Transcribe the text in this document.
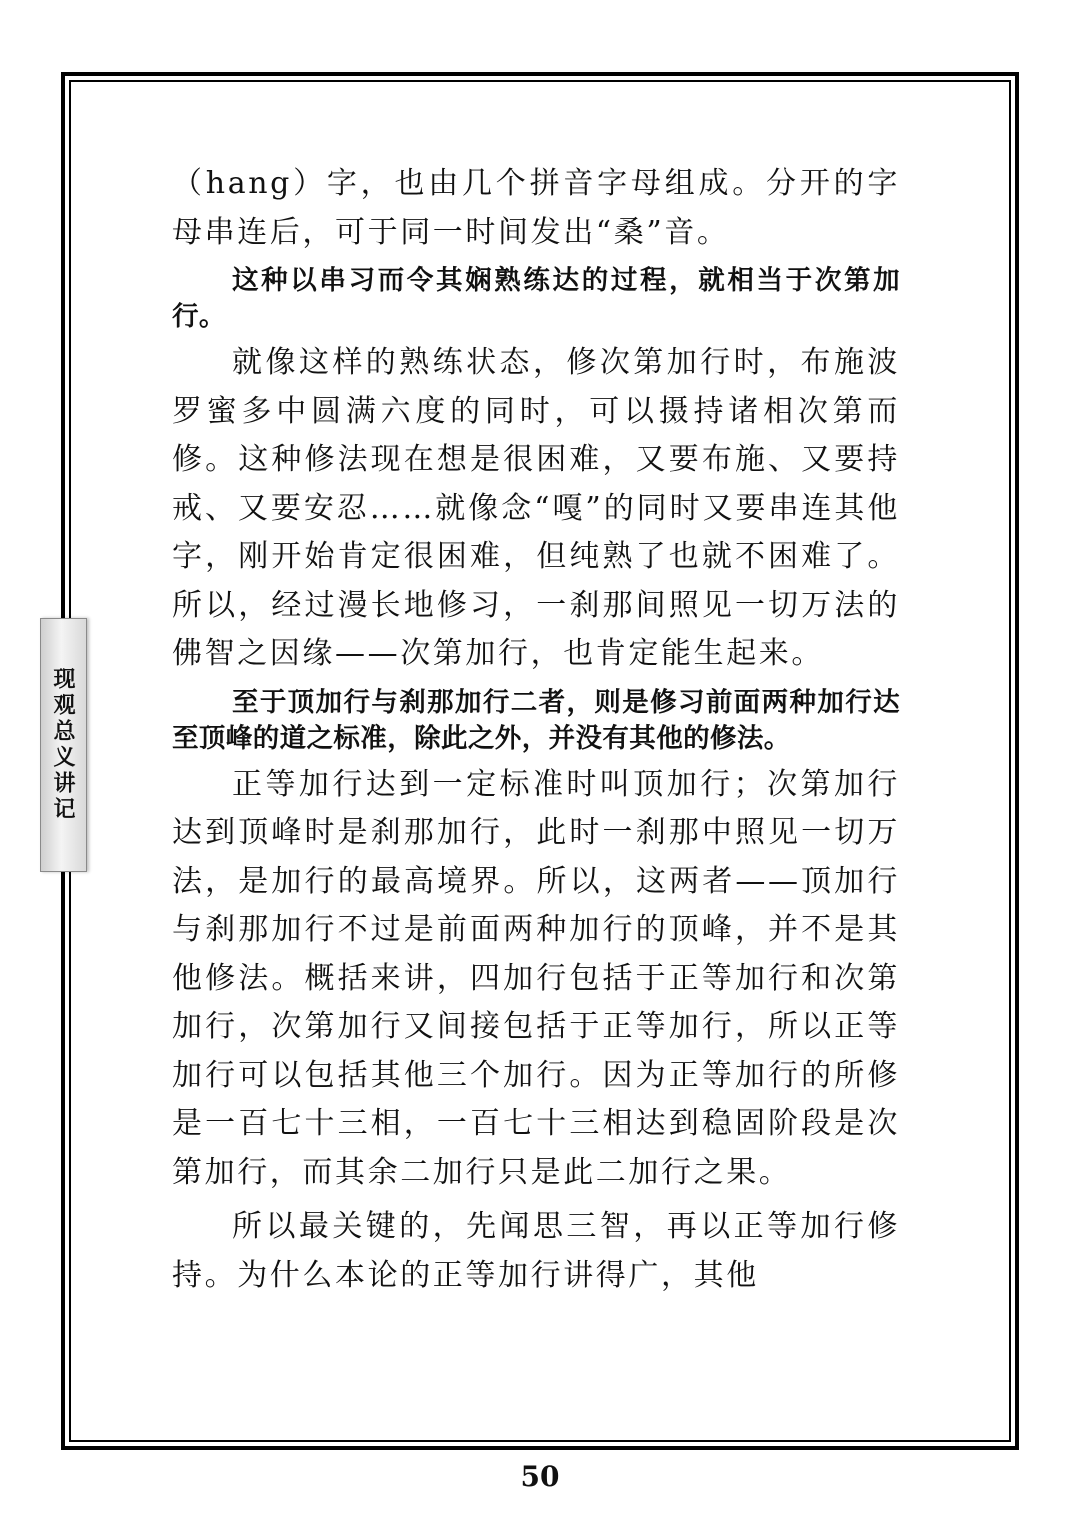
现观总义讲记

（hang）字，也由几个拼音字母组成。分开的字母串连后，可于同一时间发出“桑”音。

这种以串习而令其娴熟练达的过程，就相当于次第加行。

就像这样的熟练状态，修次第加行时，布施波罗蜜多中圆满六度的同时，可以摄持诸相次第而修。这种修法现在想是很困难，又要布施、又要持戒、又要安忍……就像念“嘎”的同时又要串连其他字，刚开始肯定很困难，但纯熟了也就不困难了。所以，经过漫长地修习，一刹那间照见一切万法的佛智之因缘——次第加行，也肯定能生起来。

至于顶加行与刹那加行二者，则是修习前面两种加行达至顶峰的道之标准，除此之外，并没有其他的修法。

正等加行达到一定标准时叫顶加行；次第加行达到顶峰时是刹那加行，此时一刹那中照见一切万法，是加行的最高境界。所以，这两者——顶加行与刹那加行不过是前面两种加行的顶峰，并不是其他修法。概括来讲，四加行包括于正等加行和次第加行，次第加行又间接包括于正等加行，所以正等加行可以包括其他三个加行。因为正等加行的所修是一百七十三相，一百七十三相达到稳固阶段是次第加行，而其余二加行只是此二加行之果。

所以最关键的，先闻思三智，再以正等加行修持。为什么本论的正等加行讲得广，其他

50
